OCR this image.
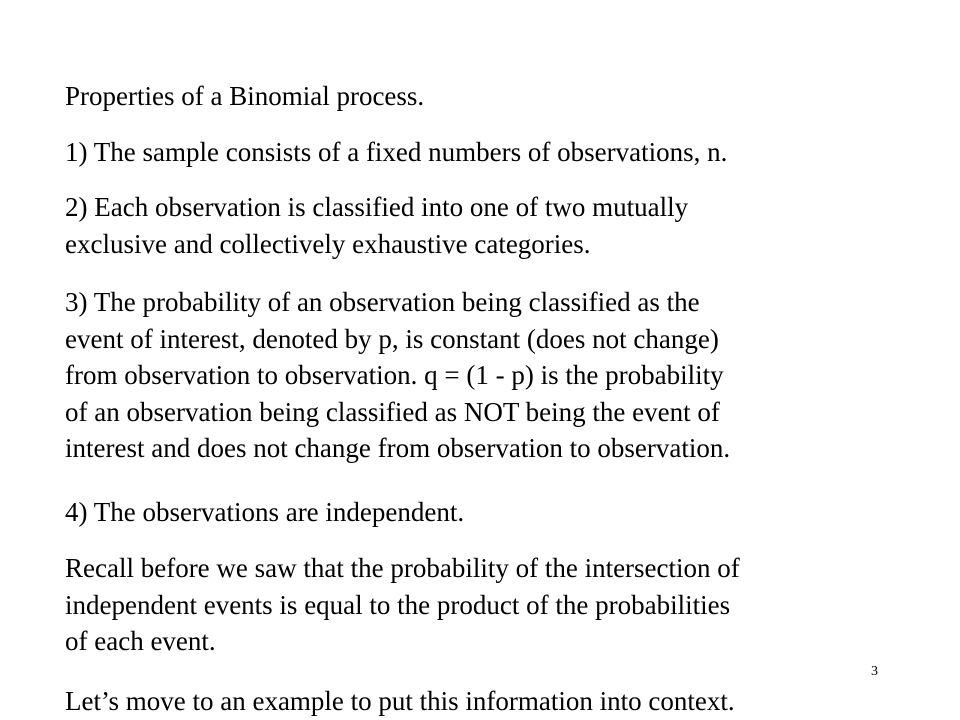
Properties of a Binomial process.

1) The sample consists of a fixed numbers of observations, n.

2) Each observation is classified into one of two mutually
exclusive and collectively exhaustive categories.

3) The probability of an observation being classified as the
event of interest, denoted by p, is constant (does not change)
from observation to observation. q = (1 - p) is the probability
of an observation being classified as NOT being the event of
interest and does not change from observation to observation.

4) The observations are independent.

Recall before we saw that the probability of the intersection of
independent events is equal to the product of the probabilities
of each event.

3

Let’s move to an example to put this information into context.
